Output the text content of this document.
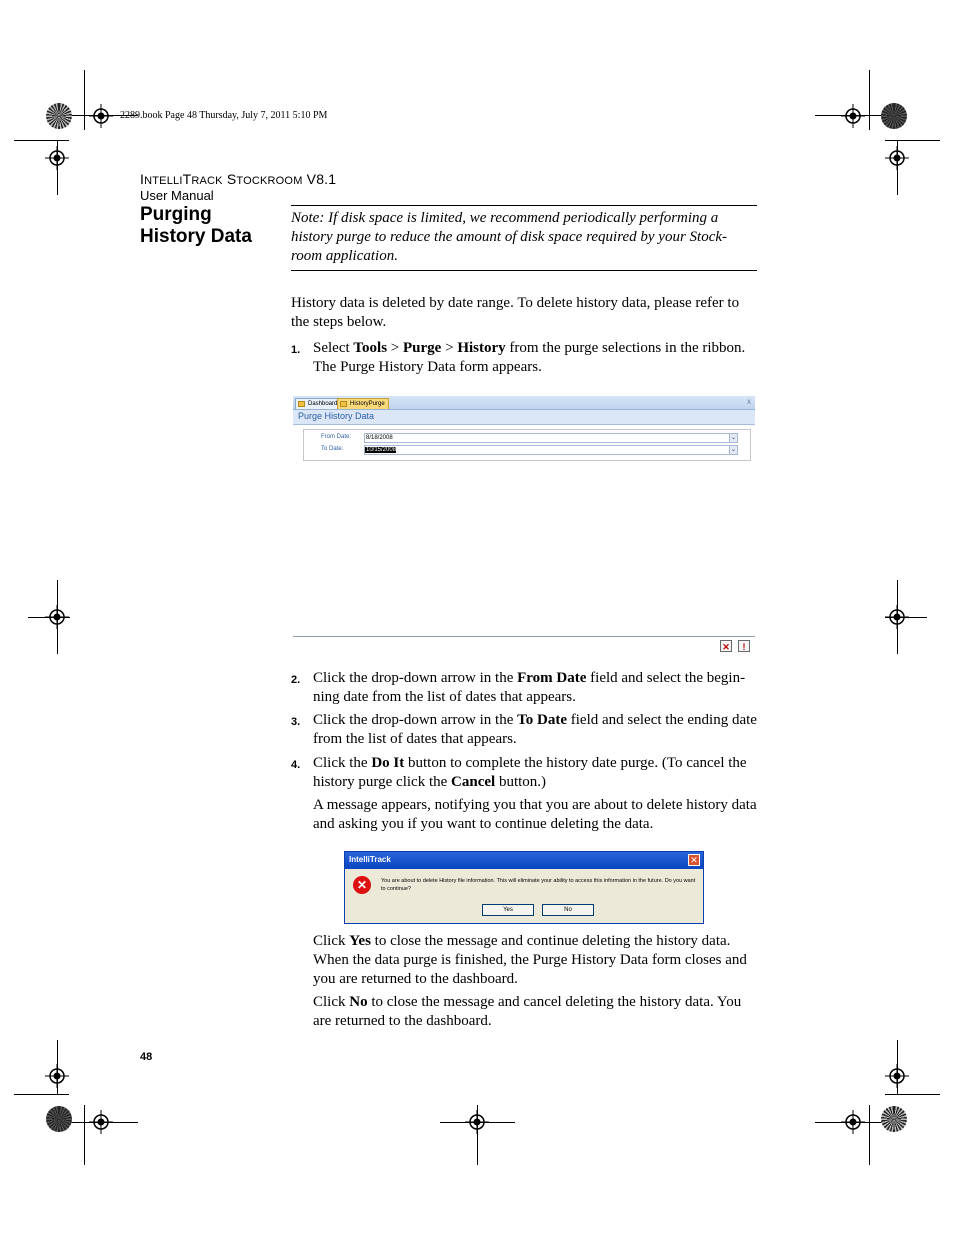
2289.book Page 48 Thursday, July 7, 2011 5:10 PM
INTELLITRACK STOCKROOM V8.1
User Manual
Purging
History Data
Note: If disk space is limited, we recommend periodically performing a history purge to reduce the amount of disk space required by your Stock-room application.
History data is deleted by date range. To delete history data, please refer to the steps below.
1. Select Tools > Purge > History from the purge selections in the ribbon. The Purge History Data form appears.
Dashboard	HistoryPurge	x
Purge History Data
From Date:	8/18/2008	⌄
To Date:	10/15/2008	⌄
✕	!
2. Click the drop-down arrow in the From Date field and select the begin-ning date from the list of dates that appears.
3. Click the drop-down arrow in the To Date field and select the ending date from the list of dates that appears.
4. Click the Do It button to complete the history date purge. (To cancel the history purge click the Cancel button.)
A message appears, notifying you that you are about to delete history data and asking you if you want to continue deleting the data.
IntelliTrack	✕
✕	You are about to delete History file information. This will eliminate your ability to access this information in the future. Do you want to continue?
Yes	No
Click Yes to close the message and continue deleting the history data. When the data purge is finished, the Purge History Data form closes and you are returned to the dashboard.
Click No to close the message and cancel deleting the history data. You are returned to the dashboard.
48
